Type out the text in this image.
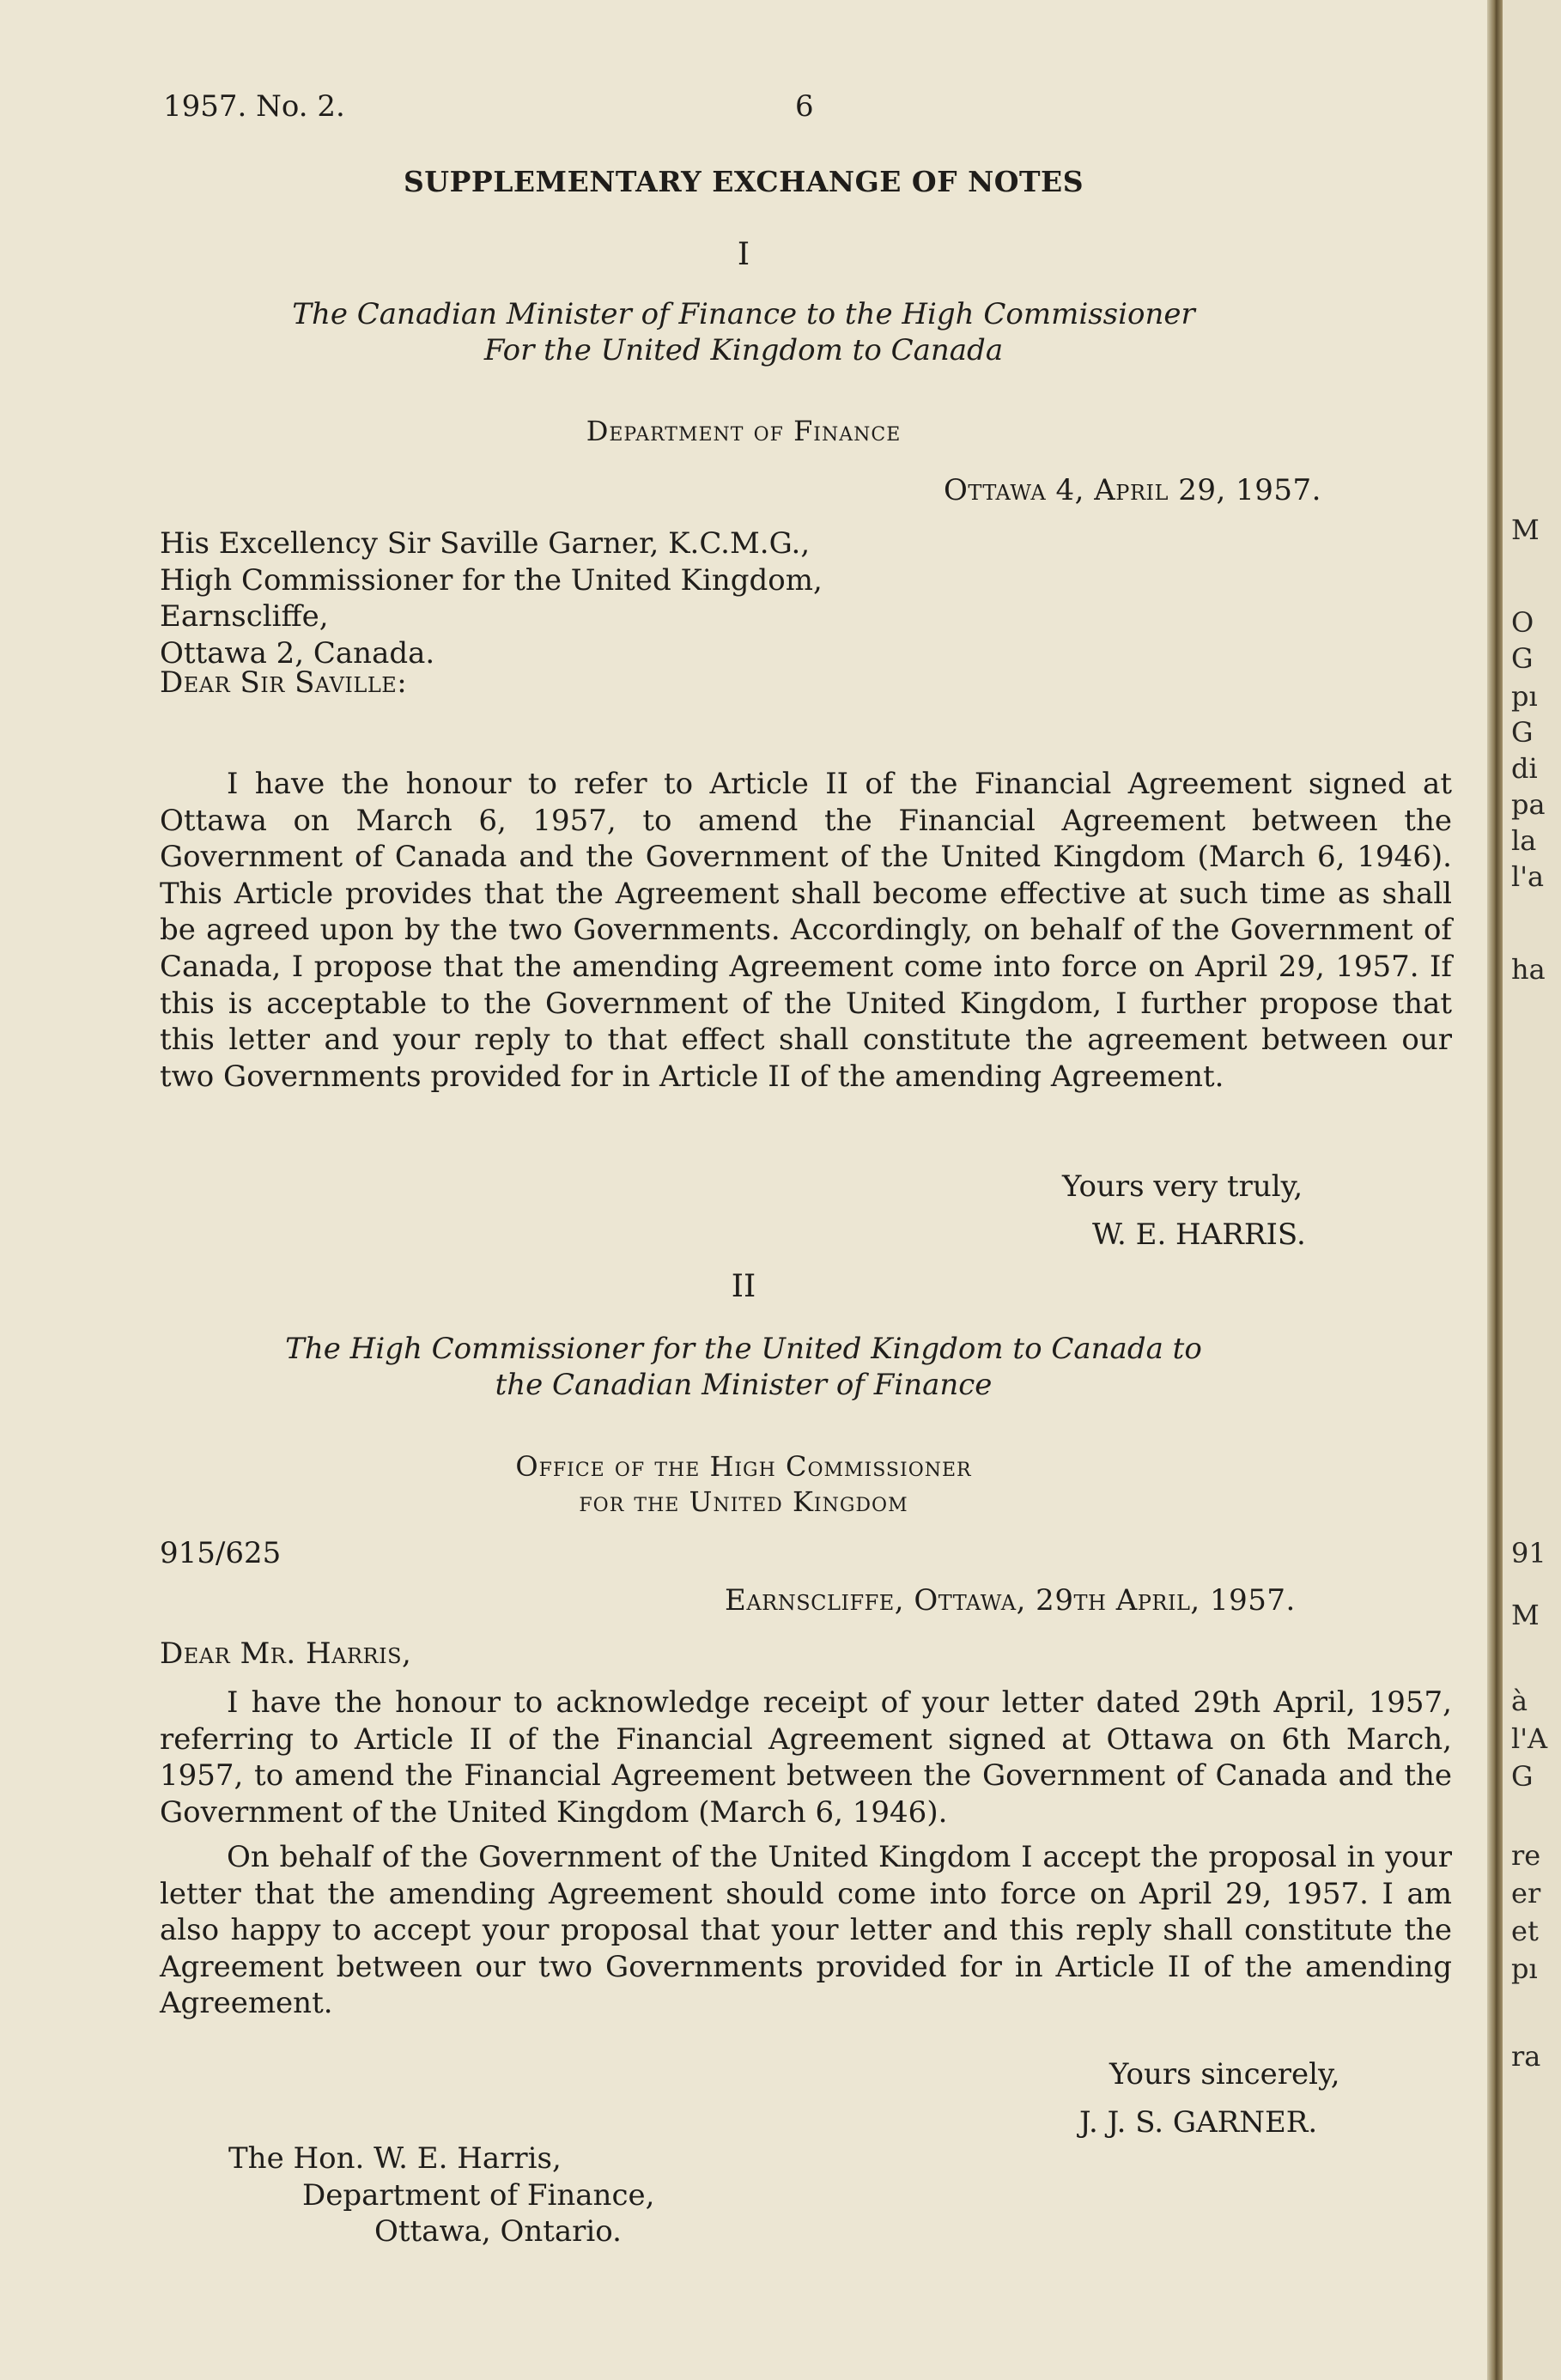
1957. No. 2.	6
SUPPLEMENTARY EXCHANGE OF NOTES
I
The Canadian Minister of Finance to the High Commissioner
For the United Kingdom to Canada
Department of Finance
Ottawa 4, April 29, 1957.
His Excellency Sir Saville Garner, K.C.M.G.,
High Commissioner for the United Kingdom,
Earnscliffe,
Ottawa 2, Canada.
Dear Sir Saville:
I have the honour to refer to Article II of the Financial Agreement signed at Ottawa on March 6, 1957, to amend the Financial Agreement between the Government of Canada and the Government of the United Kingdom (March 6, 1946). This Article provides that the Agreement shall become effective at such time as shall be agreed upon by the two Governments. Accordingly, on behalf of the Government of Canada, I propose that the amending Agreement come into force on April 29, 1957. If this is acceptable to the Government of the United Kingdom, I further propose that this letter and your reply to that effect shall constitute the agreement between our two Governments provided for in Article II of the amending Agreement.
Yours very truly,
W. E. HARRIS.
II
The High Commissioner for the United Kingdom to Canada to
the Canadian Minister of Finance
Office of the High Commissioner
for the United Kingdom
915/625
Earnscliffe, Ottawa, 29th April, 1957.
Dear Mr. Harris,
I have the honour to acknowledge receipt of your letter dated 29th April, 1957, referring to Article II of the Financial Agreement signed at Ottawa on 6th March, 1957, to amend the Financial Agreement between the Government of Canada and the Government of the United Kingdom (March 6, 1946).
On behalf of the Government of the United Kingdom I accept the proposal in your letter that the amending Agreement should come into force on April 29, 1957. I am also happy to accept your proposal that your letter and this reply shall constitute the Agreement between our two Governments provided for in Article II of the amending Agreement.
Yours sincerely,
J. J. S. GARNER.
The Hon. W. E. Harris,
Department of Finance,
Ottawa, Ontario.
M
O
G
pı
G
di
pa
la
l'a
ha
91
M
à
l'A
G
re
er
et
pı
ra
